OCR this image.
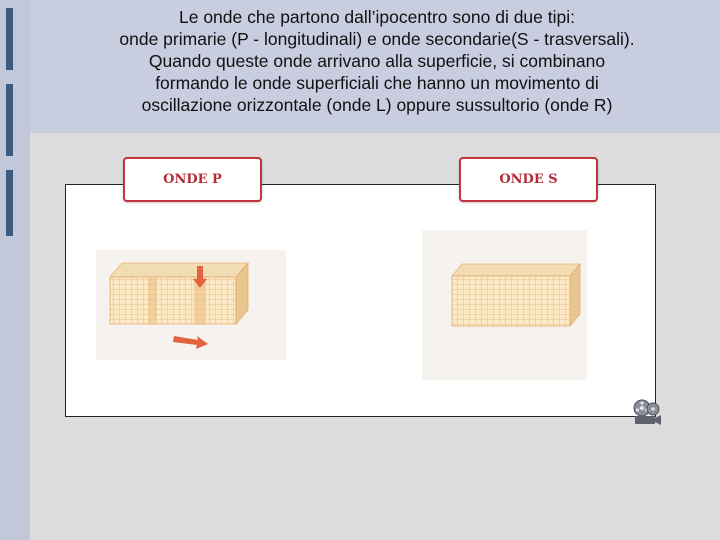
Le onde che partono dall’ipocentro sono di due tipi:
onde primarie (P - longitudinali) e onde secondarie(S - trasversali).
Quando queste onde arrivano alla superficie, si combinano
formando le onde superficiali che hanno un movimento di
oscillazione orizzontale (onde L) oppure sussultorio (onde R)
ONDE P	ONDE S
